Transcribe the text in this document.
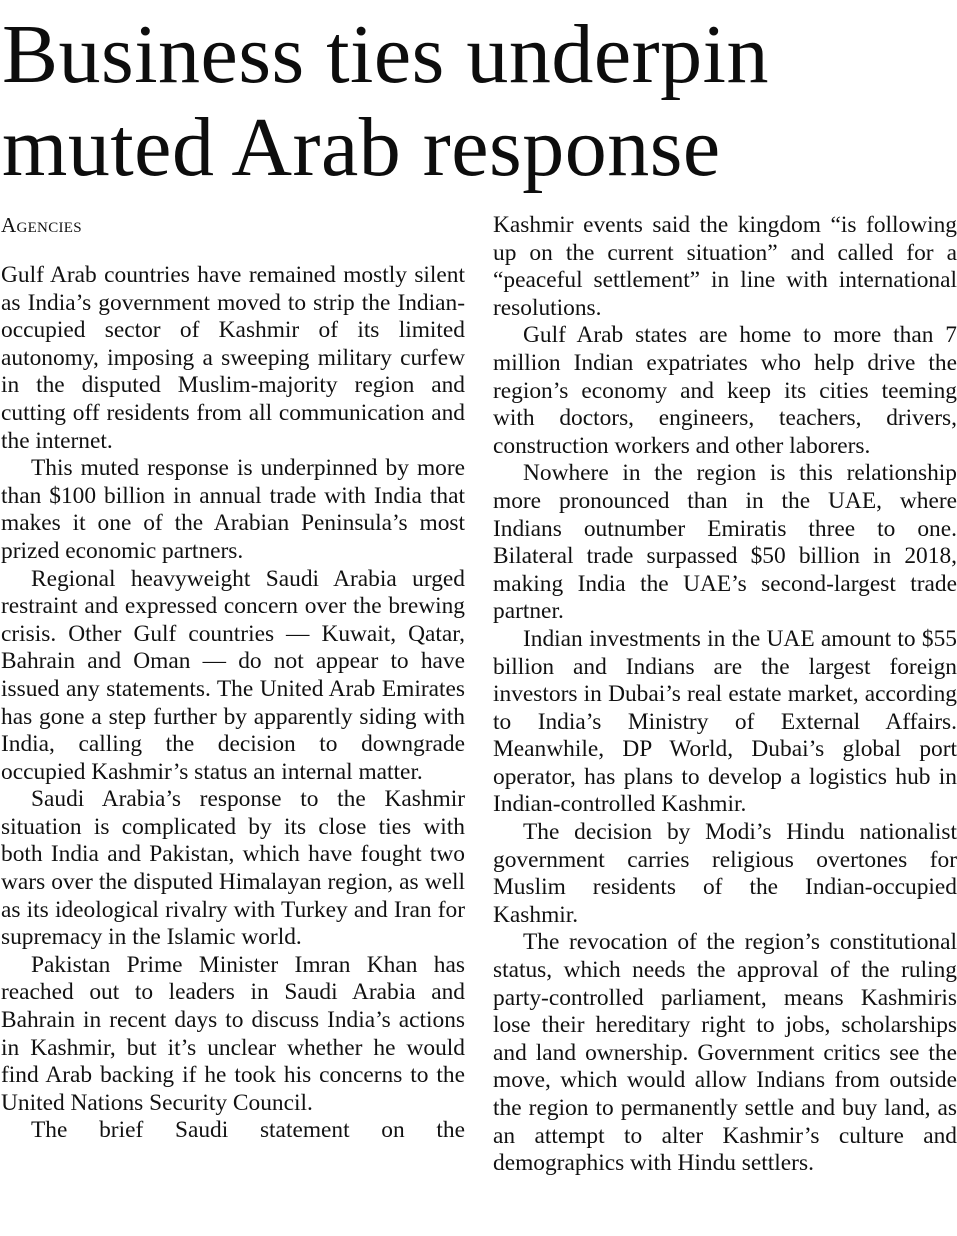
Business ties underpin
muted Arab response

Agencies

Gulf Arab countries have remained mostly silent as India’s government moved to strip the Indian-occupied sector of Kashmir of its limited autonomy, imposing a sweeping military curfew in the disputed Muslim-majority region and cutting off residents from all communication and the internet.

This muted response is underpinned by more than $100 billion in annual trade with India that makes it one of the Arabian Peninsula’s most prized economic partners.

Regional heavyweight Saudi Arabia urged restraint and expressed concern over the brewing crisis. Other Gulf countries — Kuwait, Qatar, Bahrain and Oman — do not appear to have issued any statements. The United Arab Emirates has gone a step further by apparently siding with India, calling the decision to downgrade occupied Kashmir’s status an internal matter.

Saudi Arabia’s response to the Kashmir situation is complicated by its close ties with both India and Pakistan, which have fought two wars over the disputed Himalayan region, as well as its ideological rivalry with Turkey and Iran for supremacy in the Islamic world.

Pakistan Prime Minister Imran Khan has reached out to leaders in Saudi Arabia and Bahrain in recent days to discuss India’s actions in Kashmir, but it’s unclear whether he would find Arab backing if he took his concerns to the United Nations Security Council.

The brief Saudi statement on the

Kashmir events said the kingdom “is following up on the current situation” and called for a “peaceful settlement” in line with international resolutions.

Gulf Arab states are home to more than 7 million Indian expatriates who help drive the region’s economy and keep its cities teeming with doctors, engineers, teachers, drivers, construction workers and other laborers.

Nowhere in the region is this relationship more pronounced than in the UAE, where Indians outnumber Emiratis three to one. Bilateral trade surpassed $50 billion in 2018, making India the UAE’s second-largest trade partner.

Indian investments in the UAE amount to $55 billion and Indians are the largest foreign investors in Dubai’s real estate market, according to India’s Ministry of External Affairs. Meanwhile, DP World, Dubai’s global port operator, has plans to develop a logistics hub in Indian-controlled Kashmir.

The decision by Modi’s Hindu nationalist government carries religious overtones for Muslim residents of the Indian-occupied Kashmir.

The revocation of the region’s constitutional status, which needs the approval of the ruling party-controlled parliament, means Kashmiris lose their hereditary right to jobs, scholarships and land ownership. Government critics see the move, which would allow Indians from outside the region to permanently settle and buy land, as an attempt to alter Kashmir’s culture and demographics with Hindu settlers.
